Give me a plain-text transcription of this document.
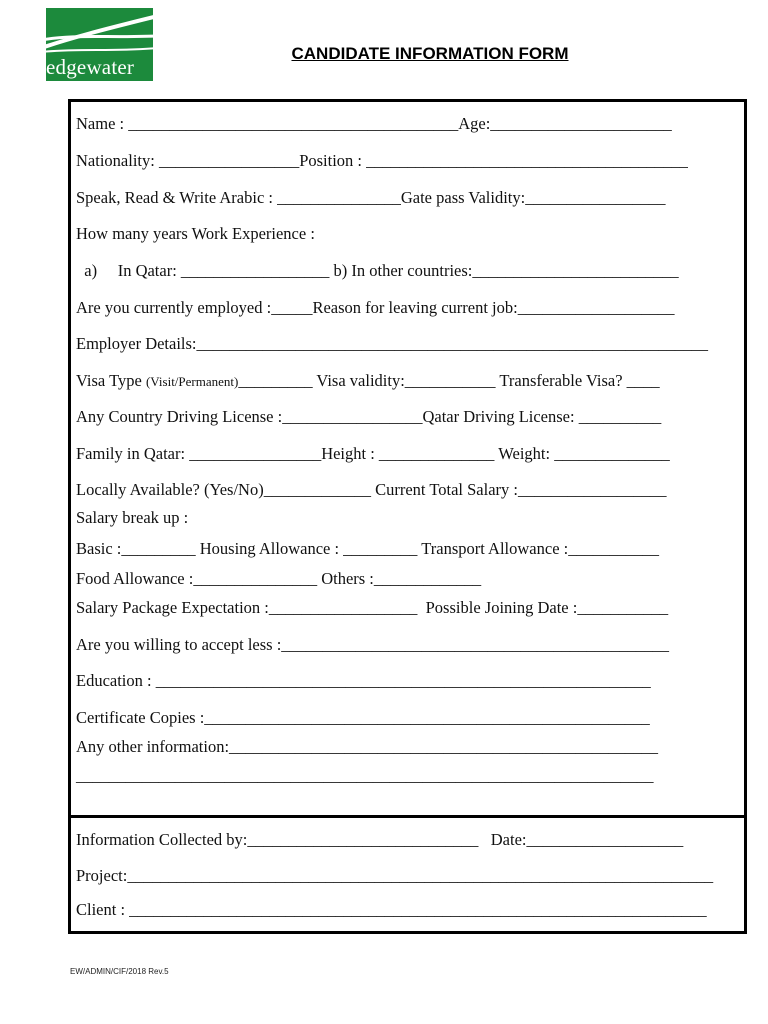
edgewater
CANDIDATE INFORMATION FORM
Name : ________________________________________Age:______________________
Nationality: _________________Position : _______________________________________
Speak, Read & Write Arabic : _______________Gate pass Validity:_________________
How many years Work Experience :
a)     In Qatar: __________________ b) In other countries:_________________________
Are you currently employed :_____Reason for leaving current job:___________________
Employer Details:______________________________________________________________
Visa Type (Visit/Permanent)_________ Visa validity:___________ Transferable Visa? ____
Any Country Driving License :_________________Qatar Driving License: __________
Family in Qatar: ________________Height : ______________ Weight: ______________
Locally Available? (Yes/No)_____________ Current Total Salary :__________________
Salary break up :
Basic :_________ Housing Allowance : _________ Transport Allowance :___________
Food Allowance :_______________ Others :_____________
Salary Package Expectation :__________________  Possible Joining Date :___________
Are you willing to accept less :_______________________________________________
Education : ____________________________________________________________
Certificate Copies :______________________________________________________
Any other information:____________________________________________________
______________________________________________________________________
Information Collected by:____________________________   Date:___________________
Project:_______________________________________________________________________
Client : ______________________________________________________________________
EW/ADMIN/CIF/2018 Rev.5
